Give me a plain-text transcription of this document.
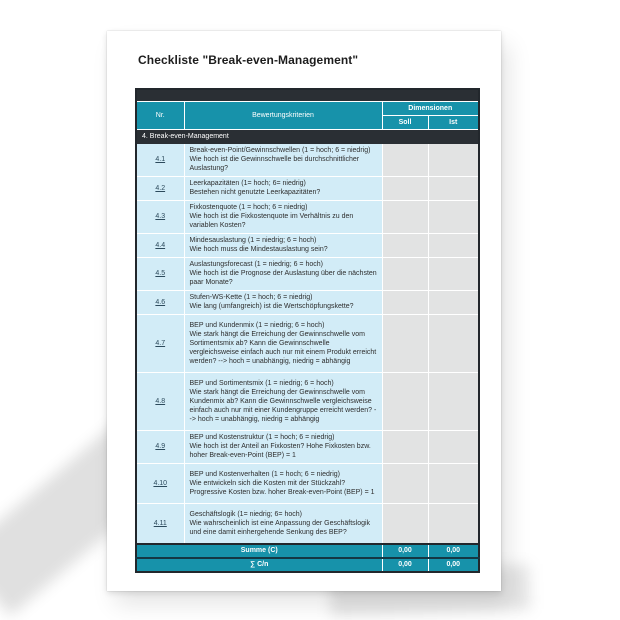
Checkliste "Break-even-Management"

Nr.	Bewertungskriterien	Dimensionen	
		Soll	Ist
4. Break-even-Management			
4.1	Break-even-Point/Gewinnschwellen (1 = hoch; 6 = niedrig)
Wie hoch ist die Gewinnschwelle bei durchschnittlicher Auslastung?		

4.2	Leerkapazitäten (1= hoch; 6= niedrig)
Bestehen nicht genutzte Leerkapazitäten?		

4.3	Fixkostenquote (1 = hoch; 6 = niedrig)
Wie hoch ist die Fixkostenquote im Verhältnis zu den variablen Kosten?		

4.4	Mindesauslastung (1 = niedrig; 6 = hoch)
Wie hoch muss die Mindestauslastung sein?		

4.5	Auslastungsforecast (1 = niedrig; 6 = hoch)
Wie hoch ist die Prognose der Auslastung über die nächsten paar Monate?		

4.6	Stufen-WS-Kette (1 = hoch; 6 = niedrig)
Wie lang (umfangreich) ist die Wertschöpfungskette?		

4.7	BEP und Kundenmix (1 = niedrig; 6 = hoch)
Wie stark hängt die Erreichung der Gewinnschwelle vom Sortimentsmix ab? Kann die Gewinnschwelle vergleichsweise einfach auch nur mit einem Produkt erreicht werden? --> hoch = unabhängig, niedrig = abhängig		

4.8	BEP und Sortimentsmix (1 = niedrig; 6 = hoch)
Wie stark hängt die Erreichung der Gewinnschwelle vom Kundenmix ab? Kann die Gewinnschwelle vergleichsweise einfach auch nur mit einer Kundengruppe erreicht werden? --> hoch = unabhängig, niedrig = abhängig		

4.9	BEP und Kostenstruktur (1 = hoch; 6 = niedrig)
Wie hoch ist der Anteil an Fixkosten? Hohe Fixkosten bzw. hoher Break-even-Point (BEP) = 1		

4.10	BEP und Kostenverhalten (1 = hoch; 6 = niedrig)
Wie entwickeln sich die Kosten mit der Stückzahl? Progressive Kosten bzw. hoher Break-even-Point (BEP) = 1		

4.11	Geschäftslogik (1= niedrig; 6= hoch)
Wie wahrscheinlich ist eine Anpassung der Geschäftslogik und eine damit einhergehende Senkung des BEP?		

Summe (C)		0,00	0,00
∑ C/n		0,00	0,00
